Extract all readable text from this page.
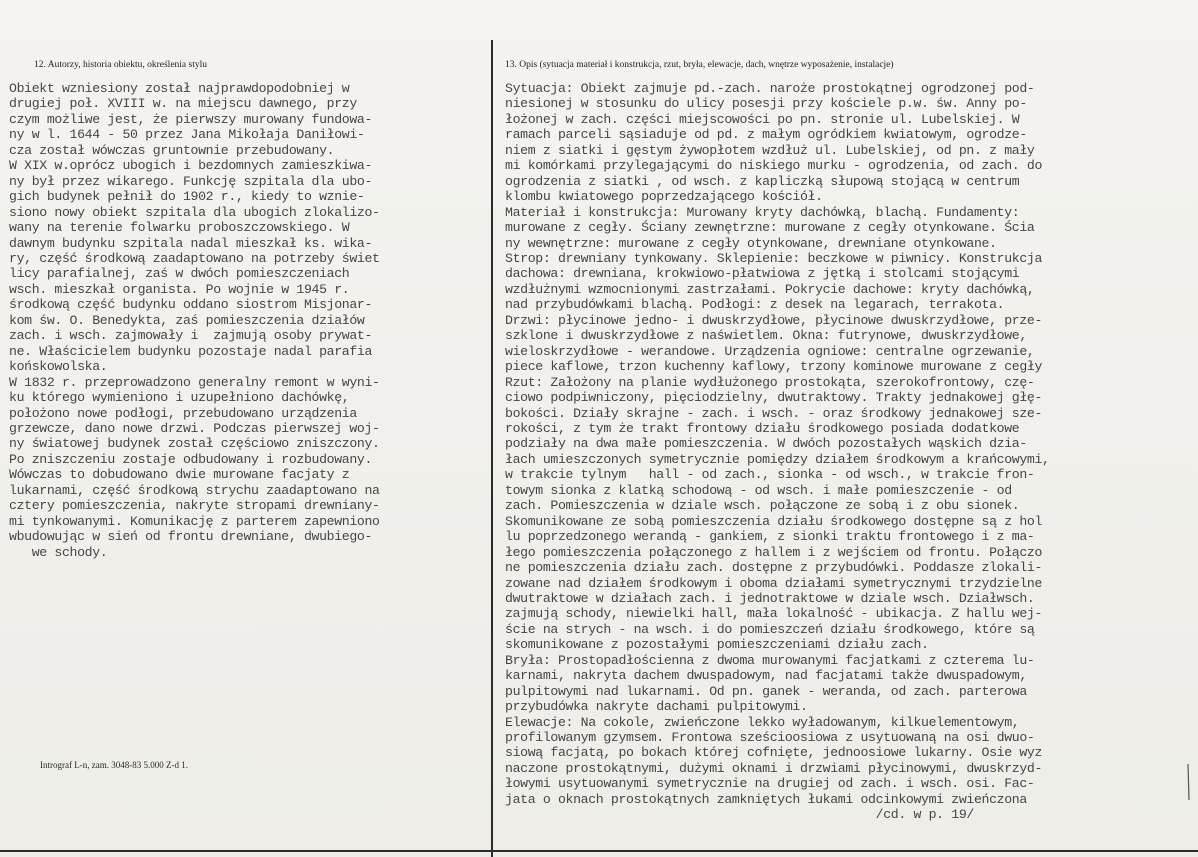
12. Autorzy, historia obiektu, określenia stylu	13. Opis (sytuacja materiał i konstrukcja, rzut, bryła, elewacje, dach, wnętrze wyposażenie, instalacje)

Obiekt wzniesiony został najprawdopodobniej w
drugiej poł. XVIII w. na miejscu dawnego, przy
czym możliwe jest, że pierwszy murowany fundowa-
ny w l. 1644 - 50 przez Jana Mikołaja Daniłowi-
cza został wówczas gruntownie przebudowany.
W XIX w.oprócz ubogich i bezdomnych zamieszkiwa-
ny był przez wikarego. Funkcję szpitala dla ubo-
gich budynek pełnił do 1902 r., kiedy to wznie-
siono nowy obiekt szpitala dla ubogich zlokalizo-
wany na terenie folwarku proboszczowskiego. W
dawnym budynku szpitala nadal mieszkał ks. wika-
ry, część środkową zaadaptowano na potrzeby świet
licy parafialnej, zaś w dwóch pomieszczeniach
wsch. mieszkał organista. Po wojnie w 1945 r.
środkową część budynku oddano siostrom Misjonar-
kom św. O. Benedykta, zaś pomieszczenia działów
zach. i wsch. zajmowały i  zajmują osoby prywat-
ne. Właścicielem budynku pozostaje nadal parafia
końskowolska.
W 1832 r. przeprowadzono generalny remont w wyni-
ku którego wymieniono i uzupełniono dachówkę,
położono nowe podłogi, przebudowano urządzenia
grzewcze, dano nowe drzwi. Podczas pierwszej woj-
ny światowej budynek został częściowo zniszczony.
Po zniszczeniu zostaje odbudowany i rozbudowany.
Wówczas to dobudowano dwie murowane facjaty z
lukarnami, część środkową strychu zaadaptowano na
cztery pomieszczenia, nakryte stropami drewniany-
mi tynkowanymi. Komunikację z parterem zapewniono
wbudowując w sień od frontu drewniane, dwubiego-
we schody.
Sytuacja: Obiekt zajmuje pd.-zach. naroże prostokątnej ogrodzonej pod-
niesionej w stosunku do ulicy posesji przy kościele p.w. św. Anny po-
łożonej w zach. części miejscowości po pn. stronie ul. Lubelskiej. W
ramach parceli sąsiaduje od pd. z małym ogródkiem kwiatowym, ogrodze-
niem z siatki i gęstym żywopłotem wzdłuż ul. Lubelskiej, od pn. z mały
mi komórkami przylegającymi do niskiego murku - ogrodzenia, od zach. do
ogrodzenia z siatki , od wsch. z kapliczką słupową stojącą w centrum
klombu kwiatowego poprzedzającego kościół.
Materiał i konstrukcja: Murowany kryty dachówką, blachą. Fundamenty:
murowane z cegły. Ściany zewnętrzne: murowane z cegły otynkowane. Ścia
ny wewnętrzne: murowane z cegły otynkowane, drewniane otynkowane.
Strop: drewniany tynkowany. Sklepienie: beczkowe w piwnicy. Konstrukcja
dachowa: drewniana, krokwiowo-płatwiowa z jętką i stolcami stojącymi
wzdłużnymi wzmocnionymi zastrzałami. Pokrycie dachowe: kryty dachówką,
nad przybudówkami blachą. Podłogi: z desek na legarach, terrakota.
Drzwi: płycinowe jedno- i dwuskrzydłowe, płycinowe dwuskrzydłowe, prze-
szklone i dwuskrzydłowe z naświetlem. Okna: futrynowe, dwuskrzydłowe,
wieloskrzydłowe - werandowe. Urządzenia ogniowe: centralne ogrzewanie,
piece kaflowe, trzon kuchenny kaflowy, trzony kominowe murowane z cegły
Rzut: Założony na planie wydłużonego prostokąta, szerokofrontowy, czę-
ciowo podpiwniczony, pięciodzielny, dwutraktowy. Trakty jednakowej głę-
bokości. Działy skrajne - zach. i wsch. - oraz środkowy jednakowej sze-
rokości, z tym że trakt frontowy działu środkowego posiada dodatkowe
podziały na dwa małe pomieszczenia. W dwóch pozostałych wąskich dzia-
łach umieszczonych symetrycznie pomiędzy działem środkowym a krańcowymi,
w trakcie tylnym   hall - od zach., sionka - od wsch., w trakcie fron-
towym sionka z klatką schodową - od wsch. i małe pomieszczenie - od
zach. Pomieszczenia w dziale wsch. połączone ze sobą i z obu sionek.
Skomunikowane ze sobą pomieszczenia działu środkowego dostępne są z hol
lu poprzedzonego werandą - gankiem, z sionki traktu frontowego i z ma-
łego pomieszczenia połączonego z hallem i z wejściem od frontu. Połączo
ne pomieszczenia działu zach. dostępne z przybudówki. Poddasze zlokali-
zowane nad działem środkowym i oboma działami symetrycznymi trzydzielne
dwutraktowe w działach zach. i jednotraktowe w dziale wsch. Działwsch.
zajmują schody, niewielki hall, mała lokalność - ubikacja. Z hallu wej-
ście na strych - na wsch. i do pomieszczeń działu środkowego, które są
skomunikowane z pozostałymi pomieszczeniami działu zach.
Bryła: Prostopadłościenna z dwoma murowanymi facjatkami z czterema lu-
karnami, nakryta dachem dwuspadowym, nad facjatami także dwuspadowym,
pulpitowymi nad lukarnami. Od pn. ganek - weranda, od zach. parterowa
przybudówka nakryte dachami pulpitowymi.
Elewacje: Na cokole, zwieńczone lekko wyładowanym, kilkuelementowym,
profilowanym gzymsem. Frontowa sześcioosiowa z usytuowaną na osi dwuo-
siową facjatą, po bokach której cofnięte, jednoosiowe lukarny. Osie wyz
naczone prostokątnymi, dużymi oknami i drzwiami płycinowymi, dwuskrzyd-
łowymi usytuowanymi symetrycznie na drugiej od zach. i wsch. osi. Fac-
jata o oknach prostokątnych zamkniętych łukami odcinkowymi zwieńczona
/cd. w p. 19/

Intrograf L-n, zam. 3048-83 5.000 Z-d 1.
